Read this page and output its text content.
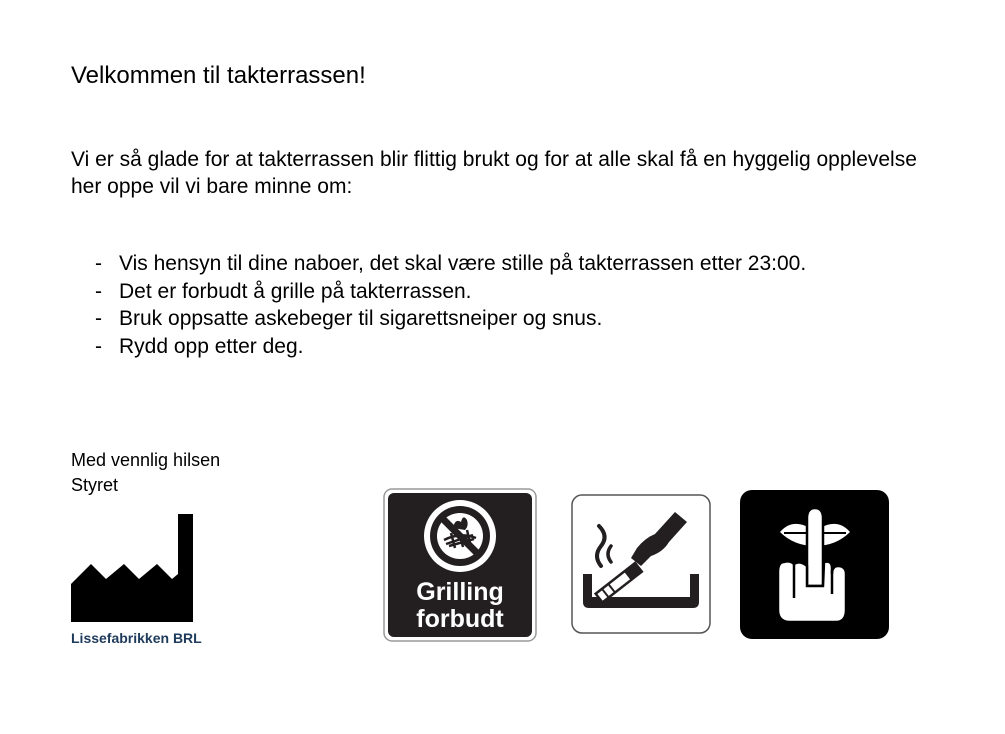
Velkommen til takterrassen!

Vi er så glade for at takterrassen blir flittig brukt og for at alle skal få en hyggelig opplevelse her oppe vil vi bare minne om:

- Vis hensyn til dine naboer, det skal være stille på takterrassen etter 23:00.
- Det er forbudt å grille på takterrassen.
- Bruk oppsatte askebeger til sigarettsneiper og snus.
- Rydd opp etter deg.
Med vennlig hilsen
Styret
Lissefabrikken BRL
Grilling
forbudt
